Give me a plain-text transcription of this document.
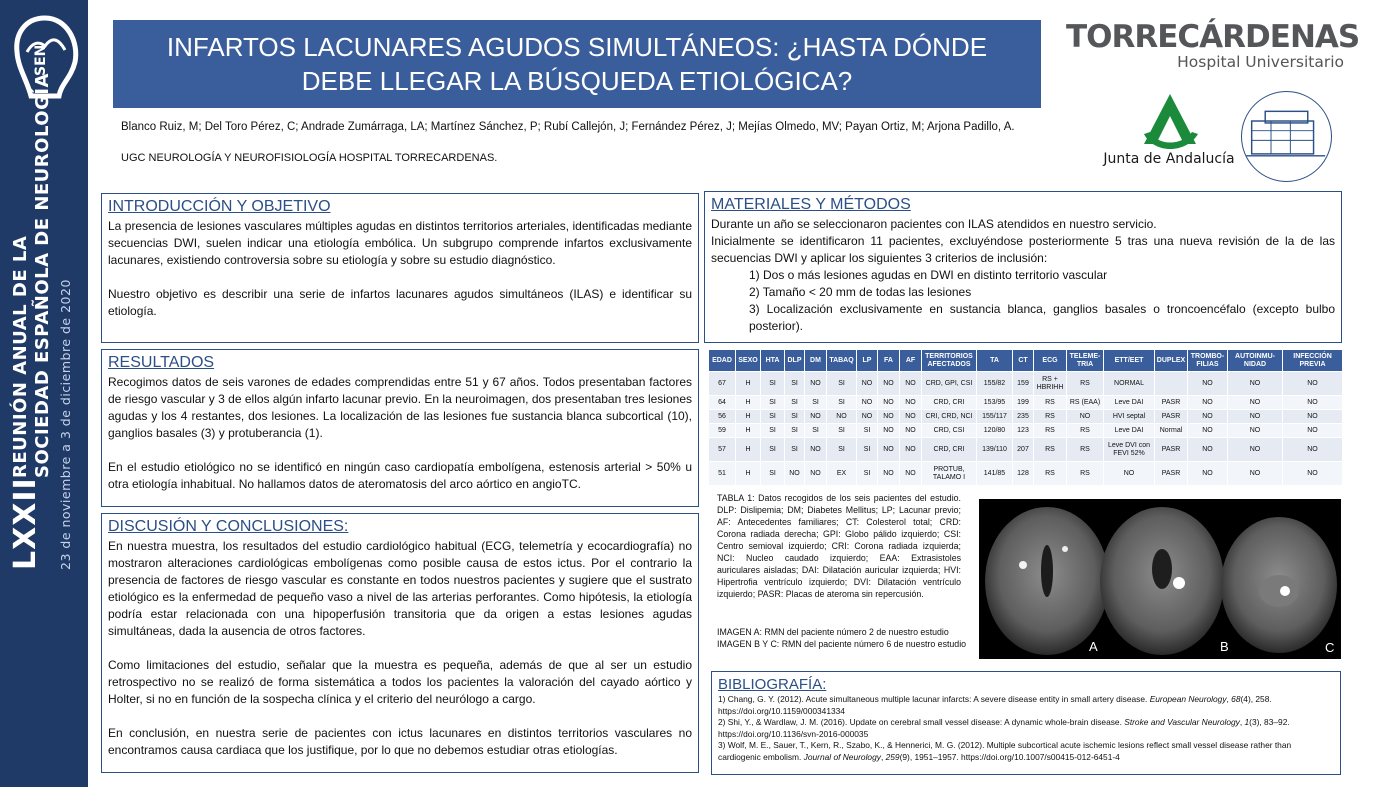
SEN
LXXII
REUNIÓN ANUAL DE LA SOCIEDAD ESPAÑOLA DE NEUROLOGÍA 23 de noviembre a 3 de diciembre de 2020
INFARTOS LACUNARES AGUDOS SIMULTÁNEOS: ¿HASTA DÓNDE DEBE LLEGAR LA BÚSQUEDA ETIOLÓGICA?
Blanco Ruiz, M; Del Toro Pérez, C; Andrade Zumárraga, LA; Martínez Sánchez, P; Rubí Callejón, J; Fernández Pérez, J; Mejías Olmedo, MV; Payan Ortiz, M; Arjona Padillo, A.
UGC NEUROLOGÍA Y NEUROFISIOLOGÍA HOSPITAL TORRECARDENAS.
TORRECÁRDENAS
Hospital Universitario
Junta de Andalucía
INTRODUCCIÓN Y OBJETIVO

La presencia de lesiones vasculares múltiples agudas en distintos territorios arteriales, identificadas mediante secuencias DWI, suelen indicar una etiología embólica. Un subgrupo comprende infartos exclusivamente lacunares, existiendo controversia sobre su etiología y sobre su estudio diagnóstico.

Nuestro objetivo es describir una serie de infartos lacunares agudos simultáneos (ILAS) e identificar su etiología.

MATERIALES Y MÉTODOS

Durante un año se seleccionaron pacientes con ILAS atendidos en nuestro servicio.

Inicialmente se identificaron 11 pacientes, excluyéndose posteriormente 5 tras una nueva revisión de la de las secuencias DWI y aplicar los siguientes 3 criterios de inclusión:

1) Dos o más lesiones agudas en DWI en distinto territorio vascular

2) Tamaño < 20 mm de todas las lesiones

3) Localización exclusivamente en sustancia blanca, ganglios basales o troncoencéfalo (excepto bulbo posterior).

RESULTADOS

Recogimos datos de seis varones de edades comprendidas entre 51 y 67 años. Todos presentaban factores de riesgo vascular y 3 de ellos algún infarto lacunar previo. En la neuroimagen, dos presentaban tres lesiones agudas y los 4 restantes, dos lesiones. La localización de las lesiones fue sustancia blanca subcortical (10), ganglios basales (3) y protuberancia (1).

En el estudio etiológico no se identificó en ningún caso cardiopatía embolígena, estenosis arterial > 50% u otra etiología inhabitual. No hallamos datos de ateromatosis del arco aórtico en angioTC.

EDAD	SEXO	HTA	DLP	DM	TABAQ	LP	FA	AF	TERRITORIOS AFECTADOS	TA	CT	ECG	TELEME-TRIA	ETT/EET	DUPLEX	TROMBO-FILIAS	AUTOINMU-NIDAD	INFECCIÓN PREVIA
67	H	SI	SI	NO	SI	NO	NO	NO	CRD, GPI, CSI	155/82	159	RS + HBRIHH	RS	NORMAL		NO	NO	NO
64	H	SI	SI	SI	SI	NO	NO	NO	CRD, CRI	153/95	199	RS	RS (EAA)	Leve DAI	PASR	NO	NO	NO
56	H	SI	SI	NO	NO	NO	NO	NO	CRI, CRD, NCI	155/117	235	RS	NO	HVI septal	PASR	NO	NO	NO
59	H	SI	SI	SI	SI	SI	NO	NO	CRD, CSI	120/80	123	RS	RS	Leve DAI	Normal	NO	NO	NO
57	H	SI	SI	NO	SI	SI	NO	NO	CRD, CRI	139/110	207	RS	RS	Leve DVI con FEVI 52%	PASR	NO	NO	NO
51	H	SI	NO	NO	EX	SI	NO	NO	PROTUB, TALAMO I	141/85	128	RS	RS	NO	PASR	NO	NO	NO
TABLA 1: Datos recogidos de los seis pacientes del estudio. DLP: Dislipemia; DM; Diabetes Mellitus; LP; Lacunar previo; AF: Antecedentes familiares; CT: Colesterol total; CRD: Corona radiada derecha; GPI: Globo pálido izquierdo; CSI: Centro semioval izquierdo; CRI: Corona radiada izquierda; NCI: Nucleo caudado izquierdo; EAA: Extrasistoles auriculares aisladas; DAI: Dilatación auricular izquierda; HVI: Hipertrofia ventrículo izquierdo; DVI: Dilatación ventrículo izquierdo; PASR: Placas de ateroma sin repercusión.
IMAGEN A: RMN del paciente número 2 de nuestro estudio
IMAGEN B Y C: RMN del paciente número 6 de nuestro estudio	A	B	C
DISCUSIÓN Y CONCLUSIONES:

En nuestra muestra, los resultados del estudio cardiológico habitual (ECG, telemetría y ecocardiografía) no mostraron alteraciones cardiológicas embolígenas como posible causa de estos ictus. Por el contrario la presencia de factores de riesgo vascular es constante en todos nuestros pacientes y sugiere que el sustrato etiológico es la enfermedad de pequeño vaso a nivel de las arterias perforantes. Como hipótesis, la etiología podría estar relacionada con una hipoperfusión transitoria que da origen a estas lesiones agudas simultáneas, dada la ausencia de otros factores.

Como limitaciones del estudio, señalar que la muestra es pequeña, además de que al ser un estudio retrospectivo no se realizó de forma sistemática a todos los pacientes la valoración del cayado aórtico y Holter, si no en función de la sospecha clínica y el criterio del neurólogo a cargo.

En conclusión, en nuestra serie de pacientes con ictus lacunares en distintos territorios vasculares no encontramos causa cardiaca que los justifique, por lo que no debemos estudiar otras etiologías.

BIBLIOGRAFÍA:

1) Chang, G. Y. (2012). Acute simultaneous multiple lacunar infarcts: A severe disease entity in small artery disease. European Neurology, 68(4), 258. https://doi.org/10.1159/000341334

2) Shi, Y., & Wardlaw, J. M. (2016). Update on cerebral small vessel disease: A dynamic whole-brain disease. Stroke and Vascular Neurology, 1(3), 83–92. https://doi.org/10.1136/svn-2016-000035

3) Wolf, M. E., Sauer, T., Kern, R., Szabo, K., & Hennerici, M. G. (2012). Multiple subcortical acute ischemic lesions reflect small vessel disease rather than cardiogenic embolism. Journal of Neurology, 259(9), 1951–1957. https://doi.org/10.1007/s00415-012-6451-4
